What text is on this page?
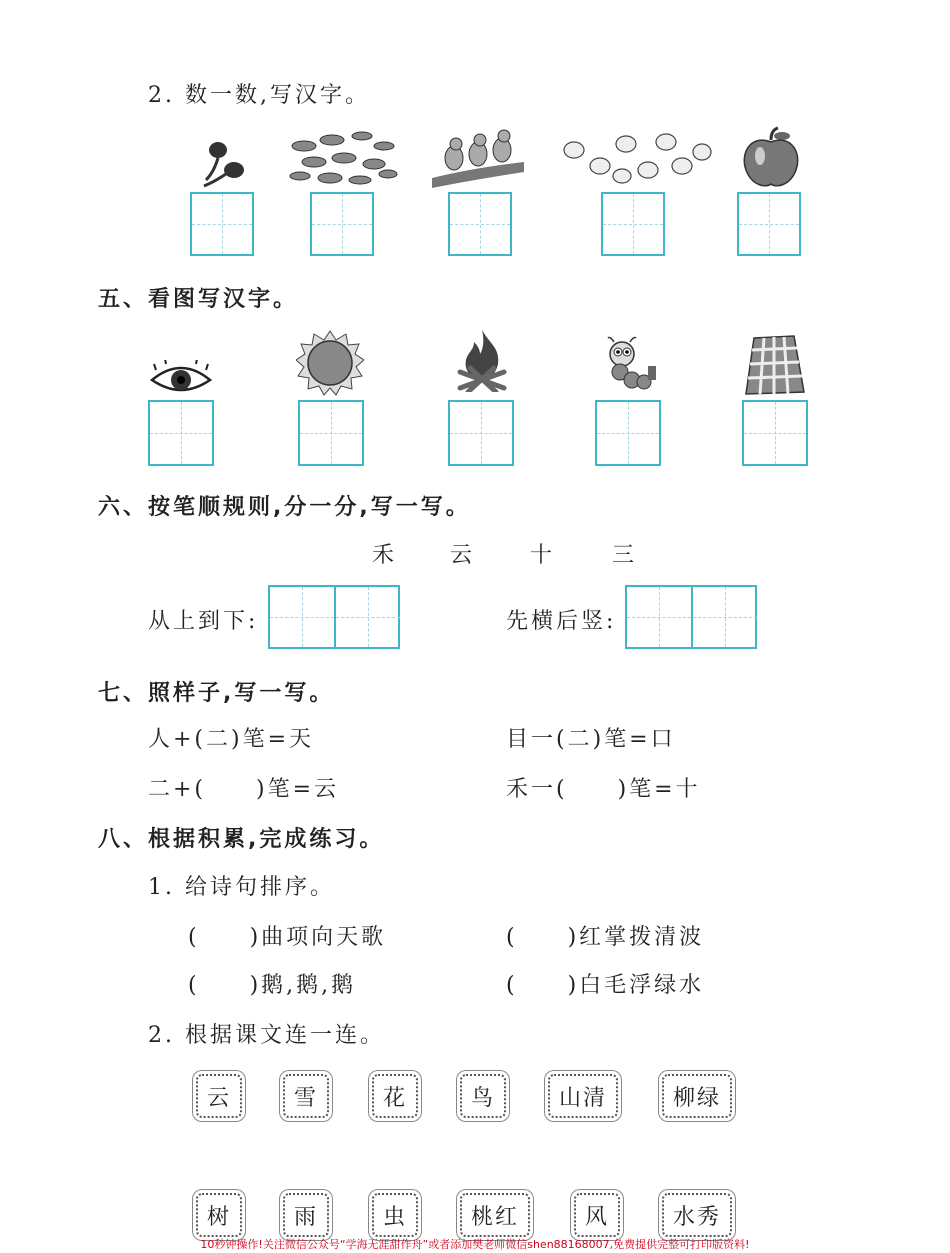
2. 数一数,写汉字。
五、看图写汉字。
六、按笔顺规则,分一分,写一写。
禾 云 十	三
从上到下:	先横后竖:
七、照样子,写一写。
人+(二)笔=天	目一(二)笔=口
二+(　　)笔=云	禾一(　　)笔=十
八、根据积累,完成练习。
1. 给诗句排序。
(　　)曲项向天歌	(　　)红掌拨清波
(　　)鹅,鹅,鹅	(　　)白毛浮绿水
2. 根据课文连一连。
云	雪	花	鸟	山清	柳绿
树	雨	虫	桃红	风	水秀
10秒钟操作!关注微信公众号“学海无涯甜作舟”或者添加樊老师微信shen88168007,免费提供完整可打印版资料!
